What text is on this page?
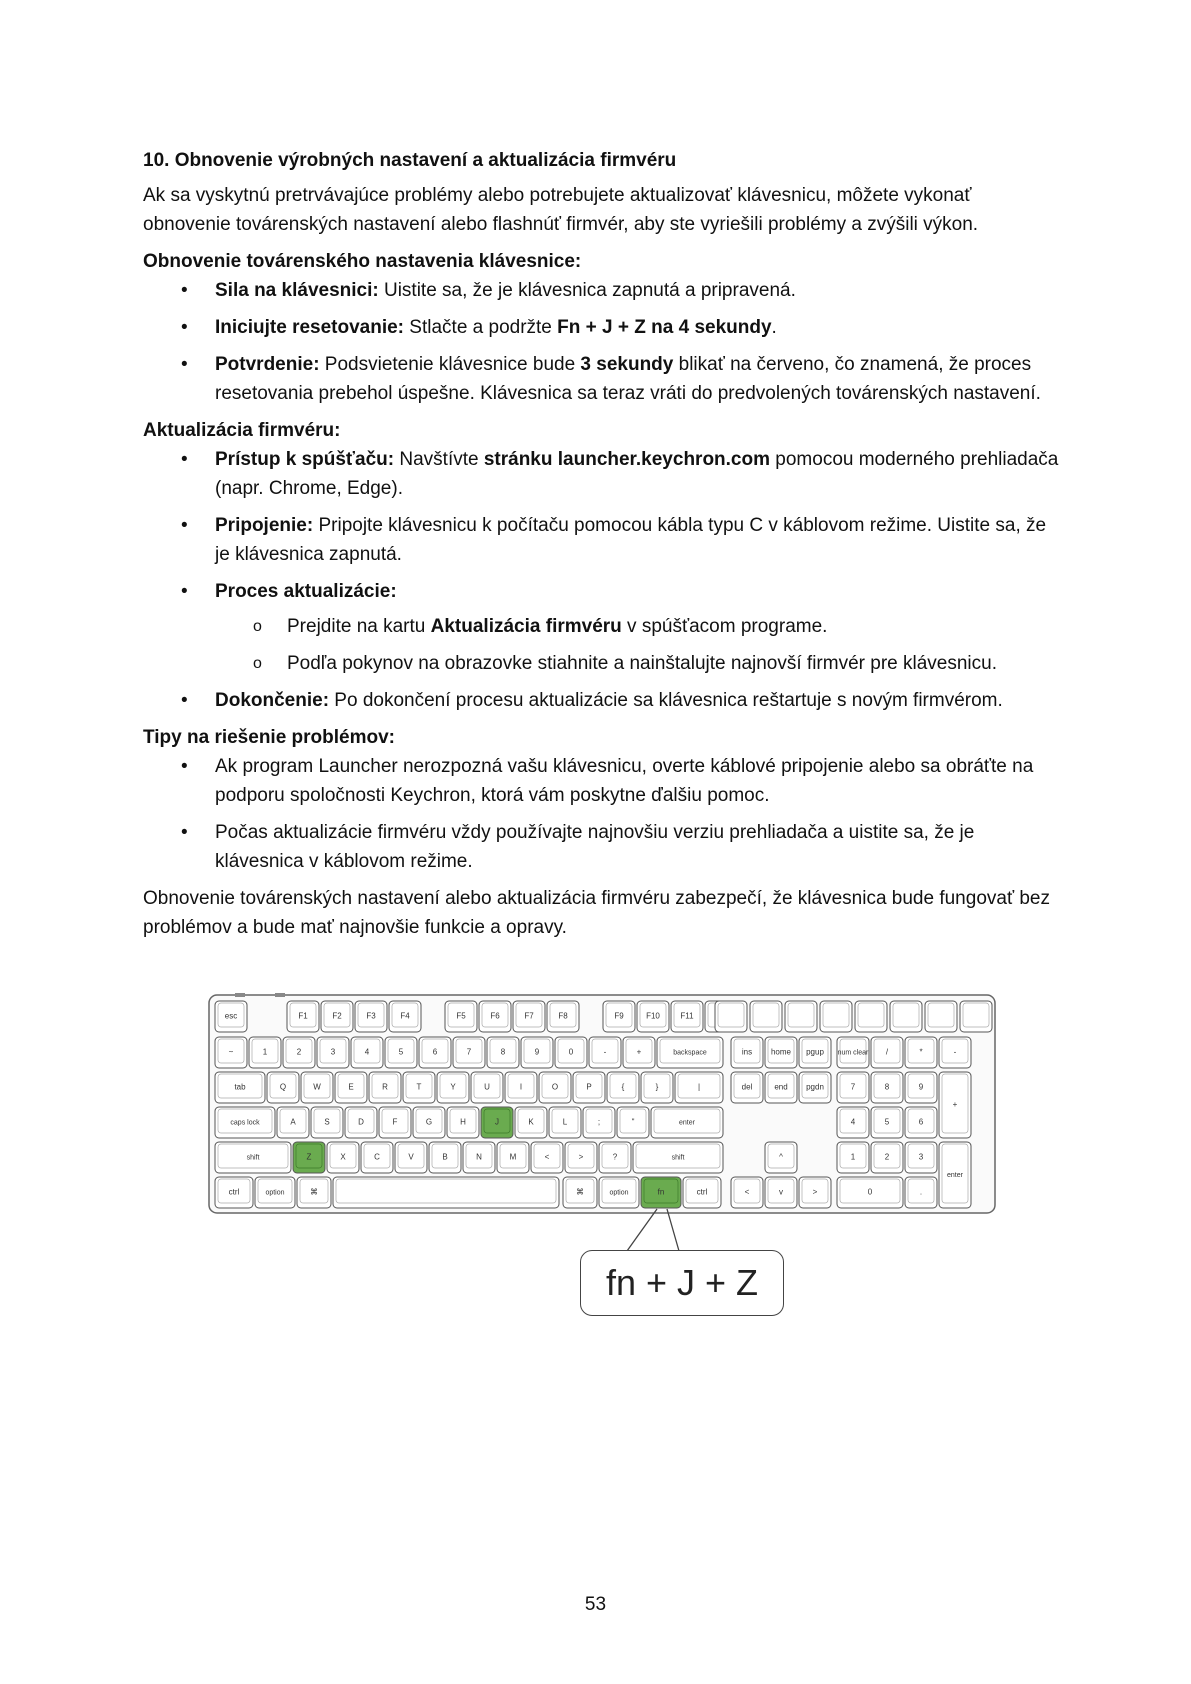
10. Obnovenie výrobných nastavení a aktualizácia firmvéru

Ak sa vyskytnú pretrvávajúce problémy alebo potrebujete aktualizovať klávesnicu, môžete vykonať obnovenie továrenských nastavení alebo flashnúť firmvér, aby ste vyriešili problémy a zvýšili výkon.

Obnovenie továrenského nastavenia klávesnice:

• Sila na klávesnici: Uistite sa, že je klávesnica zapnutá a pripravená.
• Iniciujte resetovanie: Stlačte a podržte Fn + J + Z na 4 sekundy.
• Potvrdenie: Podsvietenie klávesnice bude 3 sekundy blikať na červeno, čo znamená, že proces resetovania prebehol úspešne. Klávesnica sa teraz vráti do predvolených továrenských nastavení.

Aktualizácia firmvéru:

• Prístup k spúšťaču: Navštívte stránku launcher.keychron.com pomocou moderného prehliadača (napr. Chrome, Edge).
• Pripojenie: Pripojte klávesnicu k počítaču pomocou kábla typu C v káblovom režime. Uistite sa, že je klávesnica zapnutá.
• Proces aktualizácie:
o Prejdite na kartu Aktualizácia firmvéru v spúšťacom programe.
o Podľa pokynov na obrazovke stiahnite a nainštalujte najnovší firmvér pre klávesnicu.
• Dokončenie: Po dokončení procesu aktualizácie sa klávesnica reštartuje s novým firmvérom.

Tipy na riešenie problémov:

• Ak program Launcher nerozpozná vašu klávesnicu, overte káblové pripojenie alebo sa obráťte na podporu spoločnosti Keychron, ktorá vám poskytne ďalšiu pomoc.
• Počas aktualizácie firmvéru vždy používajte najnovšiu verziu prehliadača a uistite sa, že je klávesnica v káblovom režime.

Obnovenie továrenských nastavení alebo aktualizácia firmvéru zabezpečí, že klávesnica bude fungovať bez problémov a bude mať najnovšie funkcie a opravy.

esc	F1	F2	F3	F4	F5	F6	F7	F8	F9	F10	F11
~	1	2	3	4	5	6	7	8	9	0	-	+	backspace	ins home pgup num clear /	*	-
tab	Q	W	E	R	T	Y	U	I	O	P	{	}	|	del	end pgdn	7	8	9
+
caps lock	A	S	D	F	G	H	J	K	L	;	"	enter	4	5	6
shift	Z	X	C	V	B	N	M	<	>	?	shift	^	1	2	3
enter
ctrl	option	⌘	⌘	option	fn	ctrl	<	v	>	0	.
fn + J + Z
53
